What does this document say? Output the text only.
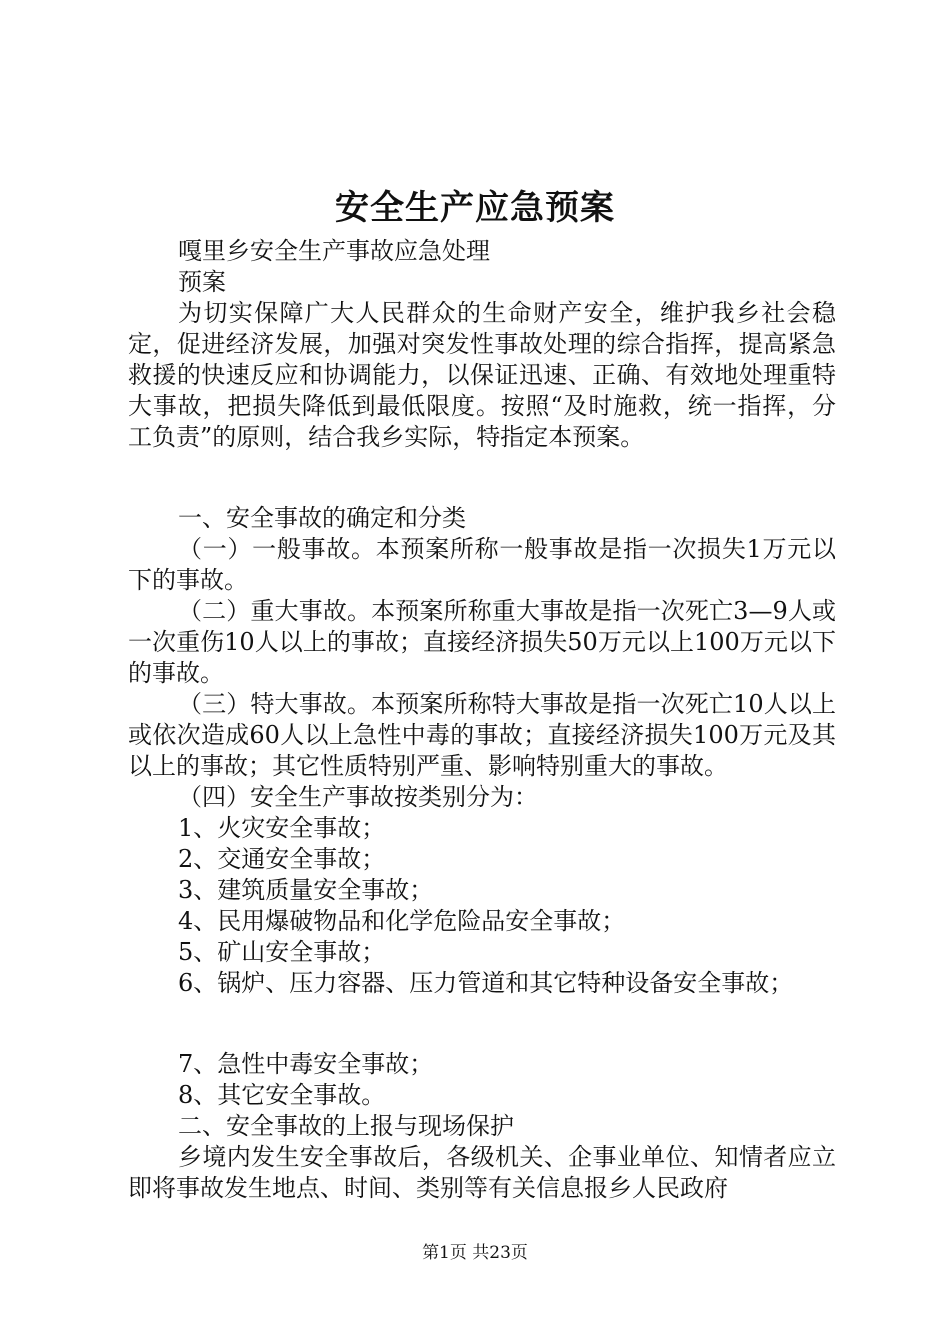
安全生产应急预案

嘎里乡安全生产事故应急处理

预案

为切实保障广大人民群众的生命财产安全，维护我乡社会稳定，促进经济发展，加强对突发性事故处理的综合指挥，提高紧急救援的快速反应和协调能力，以保证迅速、正确、有效地处理重特大事故，把损失降低到最低限度。按照“及时施救，统一指挥，分工负责”的原则，结合我乡实际，特指定本预案。

一、安全事故的确定和分类

（一）一般事故。本预案所称一般事故是指一次损失1万元以下的事故。

（二）重大事故。本预案所称重大事故是指一次死亡3—9人或一次重伤10人以上的事故；直接经济损失50万元以上100万元以下的事故。

（三）特大事故。本预案所称特大事故是指一次死亡10人以上或依次造成60人以上急性中毒的事故；直接经济损失100万元及其以上的事故；其它性质特别严重、影响特别重大的事故。

（四）安全生产事故按类别分为：

1、火灾安全事故；

2、交通安全事故；

3、建筑质量安全事故；

4、民用爆破物品和化学危险品安全事故；

5、矿山安全事故；

6、锅炉、压力容器、压力管道和其它特种设备安全事故；

7、急性中毒安全事故；

8、其它安全事故。

二、安全事故的上报与现场保护

乡境内发生安全事故后，各级机关、企事业单位、知情者应立即将事故发生地点、时间、类别等有关信息报乡人民政府

第1页 共23页
